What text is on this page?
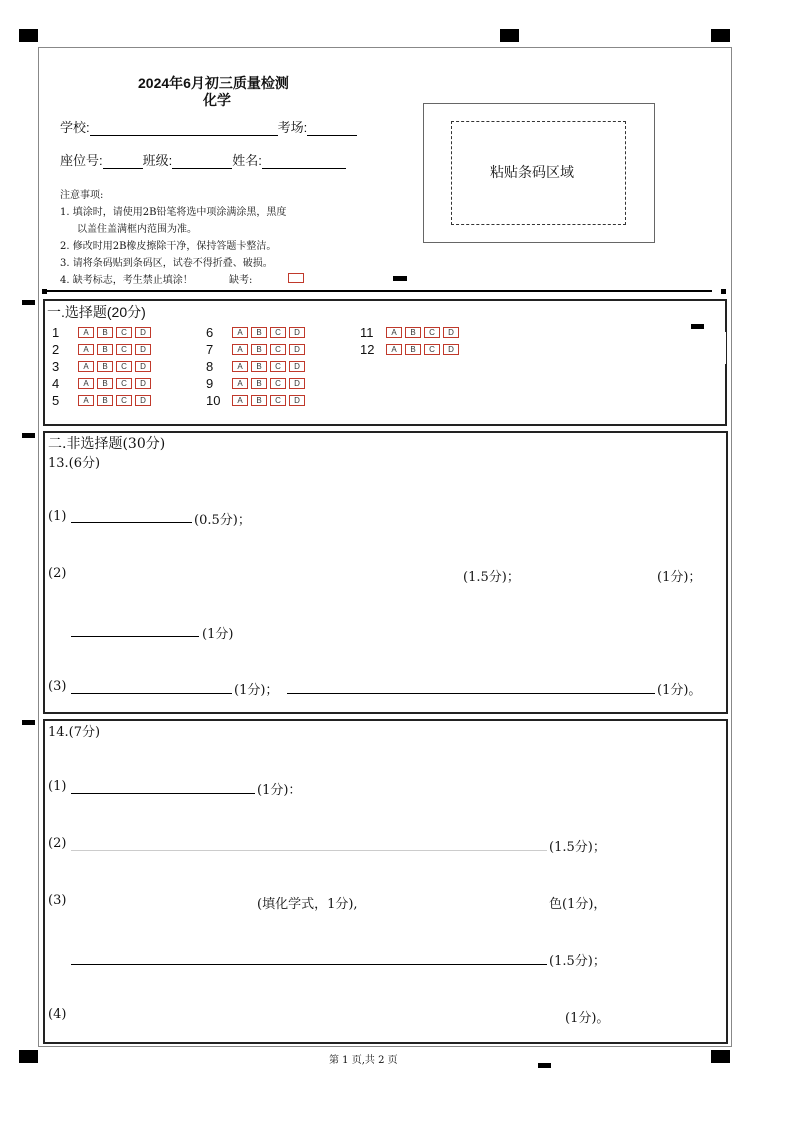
2024年6月初三质量检测
化学
学校:	考场:
座位号:	班级:	姓名:
粘贴条码区域
注意事项:
1. 填涂时，请使用2B铅笔将选中项涂满涂黑，黑度
以盖住盖满框内范围为准。
2. 修改时用2B橡皮擦除干净，保持答题卡整洁。
3. 请将条码贴到条码区，试卷不得折叠、破损。
4. 缺考标志，考生禁止填涂！	缺考:
一.选择题(20分)
1	A	B	C	D
2	A	B	C	D
3	A	B	C	D
4	A	B	C	D
5	A	B	C	D
6	A	B	C	D
7	A	B	C	D
8	A	B	C	D
9	A	B	C	D
10	A	B	C	D
11	A	B	C	D
12	A	B	C	D
二.非选择题(30分)
13.(6分)
(1)	(0.5分)；
(2)	(1.5分)；	(1分)；
(1分)
(3)	(1分)；	(1分)。
14.(7分)
(1)	(1分)：
(2)	(1.5分)；
(3)	(填化学式，1分),	色(1分)，
(1.5分)；
(4)	(1分)。
第 1 页,共 2 页
